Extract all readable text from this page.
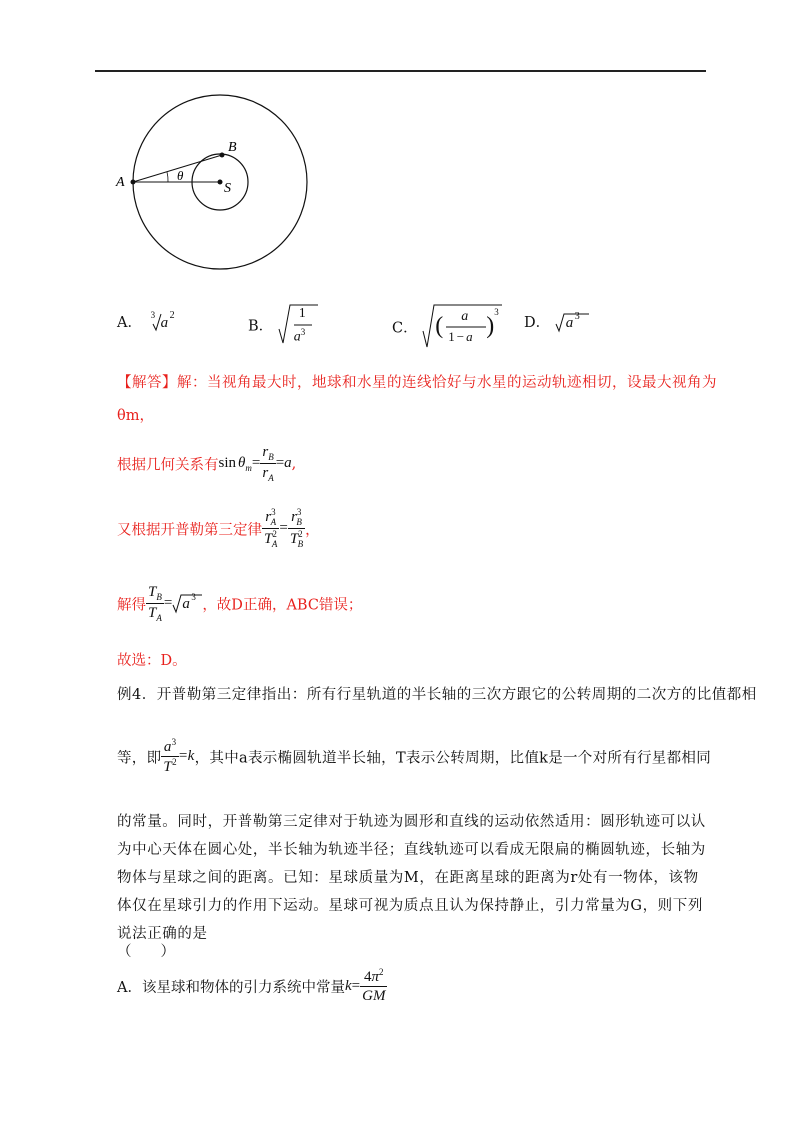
A
B
S
θ
A． 3 a 2
B．
1
$a^3$	C． ( a
1 − a )
3
D． a 3
【解答】解：当视角最大时，地球和水星的连线恰好与水星的运动轨迹相切，设最大视角为
θm，
根据几何关系有$\sin \theta_m= \frac{r_B}{r_A} =a$,
又根据开普勒第三定律 $\frac{r^3_A}{T^2_A} = \frac{r^3_B}{T^2_B}$ ，
解得 $\frac{T_B}{T_A} = a$ 3
，故D正确，ABC错误；
故选：D。
例4．开普勒第三定律指出：所有行星轨道的半长轴的三次方跟它的公转周期的二次方的比值都相
等，即 $\frac{a^3}{T^2} =k$，其中a表示椭圆轨道半长轴，T表示公转周期，比值k是一个对所有行星都相同
的常量。同时，开普勒第三定律对于轨迹为圆形和直线的运动依然适用：圆形轨迹可以认为中心天体在圆心处，半长轴为轨迹半径；直线轨迹可以看成无限扁的椭圆轨迹，长轴为物体与星球之间的距离。已知：星球质量为M，在距离星球的距离为r处有一物体，该物体仅在星球引力的作用下运动。星球可视为质点且认为保持静止，引力常量为G，则下列说法正确的是
（　　）
A．该星球和物体的引力系统中常量$k= \frac{4\pi^2}{GM}$
